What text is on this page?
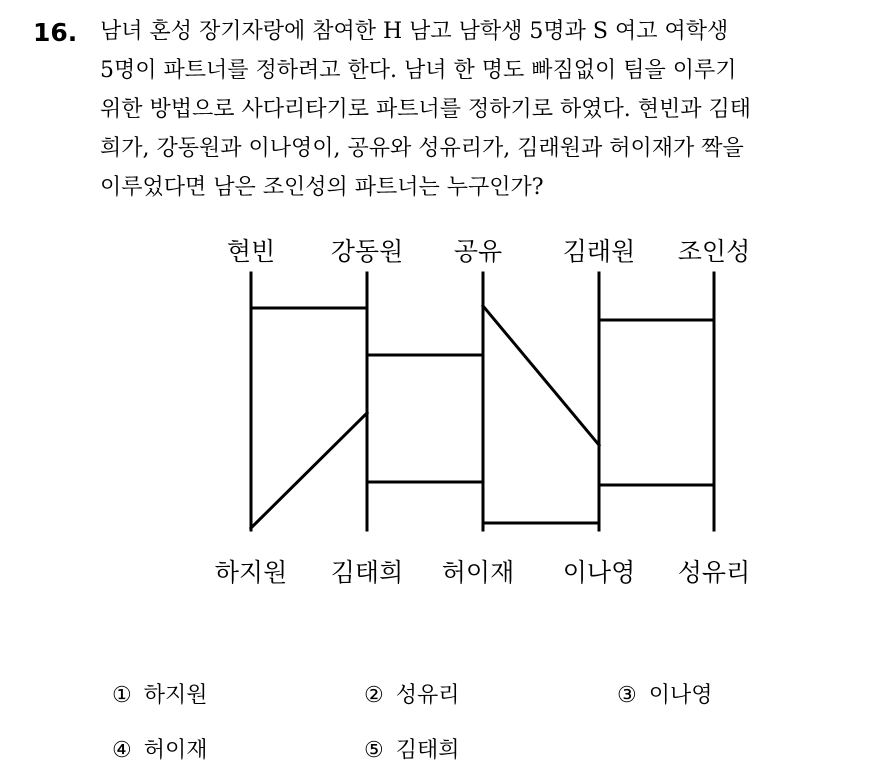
16. 남녀 혼성 장기자랑에 참여한 H 남고 남학생 5명과 S 여고 여학생
5명이 파트너를 정하려고 한다. 남녀 한 명도 빠짐없이 팀을 이루기
위한 방법으로 사다리타기로 파트너를 정하기로 하였다. 현빈과 김태
희가, 강동원과 이나영이, 공유와 성유리가, 김래원과 허이재가 짝을
이루었다면 남은 조인성의 파트너는 누구인가?
현빈 강동원 공유 김래원 조인성
하지원 김태희 허이재 이나영 성유리
① 하지원	② 성유리	③ 이나영
④ 허이재	⑤ 김태희
